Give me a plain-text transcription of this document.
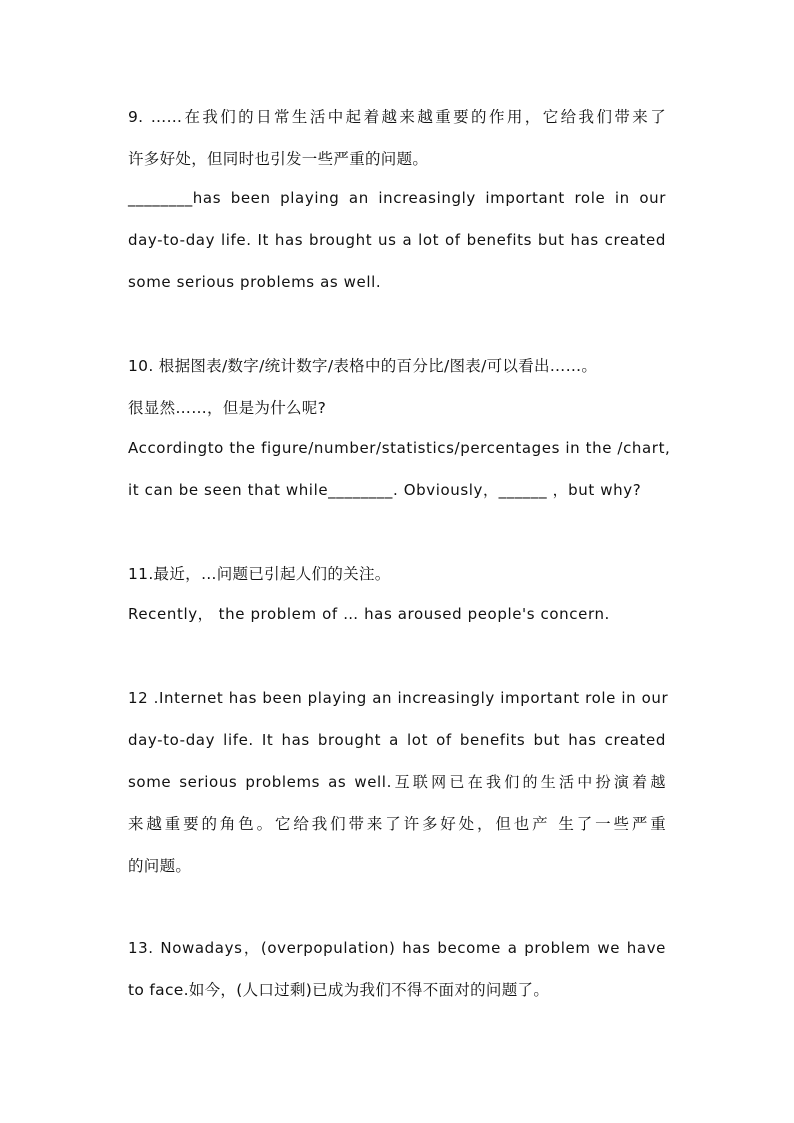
9. ……在我们的日常生活中起着越来越重要的作用，它给我们带来了
许多好处，但同时也引发一些严重的问题。
________has been playing an increasingly important role in our
day-to-day life. It has brought us a lot of benefits but has created
some serious problems as well.
10. 根据图表/数字/统计数字/表格中的百分比/图表/可以看出……。
很显然……，但是为什么呢?
Accordingto the figure/number/statistics/percentages in the /chart,
it can be seen that while________. Obviously，______ ，but why?
11.最近，…问题已引起人们的关注。
Recently， the problem of … has aroused people's concern.
12 .Internet has been playing an increasingly important role in our
day-to-day life. It has brought a lot of benefits but has created
some serious problems as well.互联网已在我们的生活中扮演着越
来越重要的角色。它给我们带来了许多好处，但也产 生了一些严重
的问题。
13. Nowadays，(overpopulation) has become a problem we have
to face.如今，(人口过剩)已成为我们不得不面对的问题了。
